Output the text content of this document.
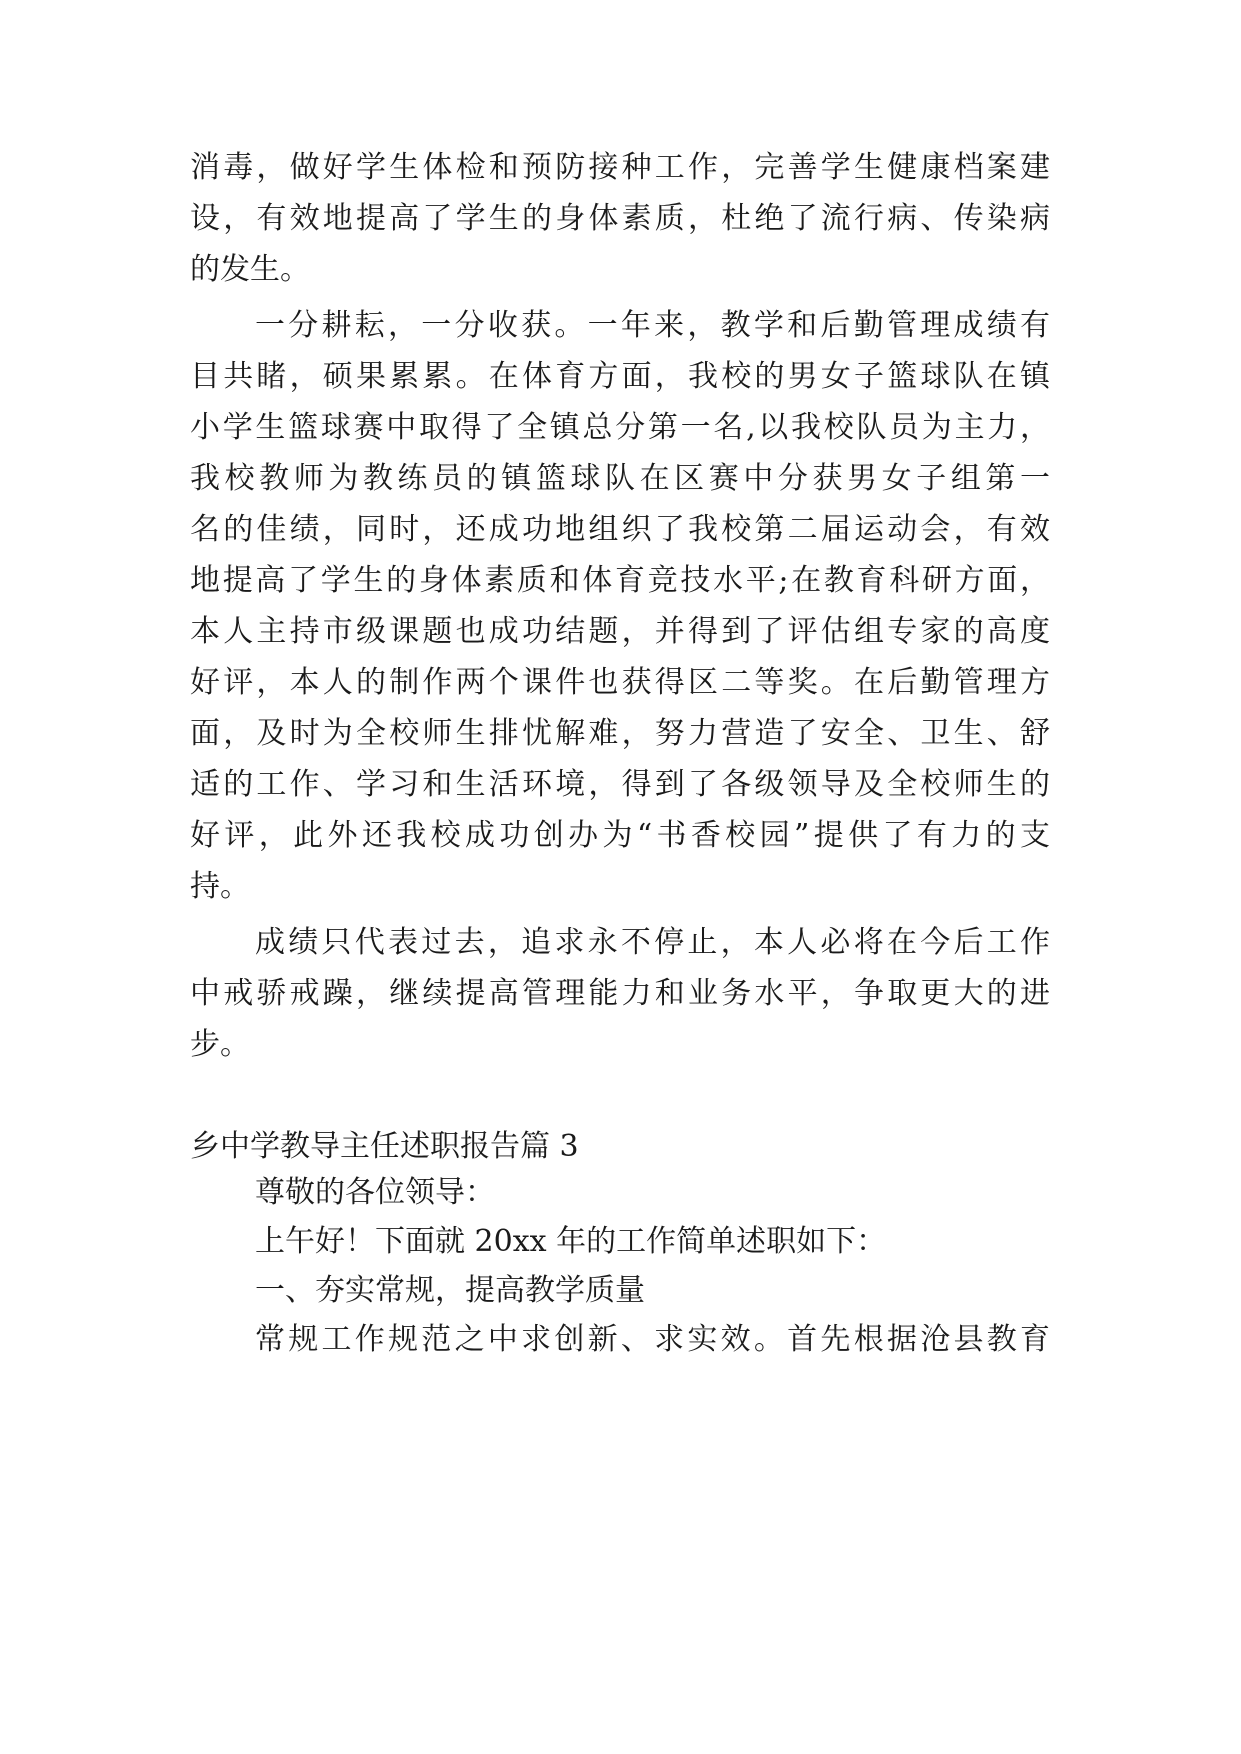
消毒，做好学生体检和预防接种工作，完善学生健康档案建
设，有效地提高了学生的身体素质，杜绝了流行病、传染病
的发生。
一分耕耘，一分收获。一年来，教学和后勤管理成绩有
目共睹，硕果累累。在体育方面，我校的男女子篮球队在镇
小学生篮球赛中取得了全镇总分第一名,以我校队员为主力，
我校教师为教练员的镇篮球队在区赛中分获男女子组第一
名的佳绩，同时，还成功地组织了我校第二届运动会，有效
地提高了学生的身体素质和体育竞技水平;在教育科研方面，
本人主持市级课题也成功结题，并得到了评估组专家的高度
好评，本人的制作两个课件也获得区二等奖。在后勤管理方
面，及时为全校师生排忧解难，努力营造了安全、卫生、舒
适的工作、学习和生活环境，得到了各级领导及全校师生的
好评，此外还我校成功创办为“书香校园”提供了有力的支
持。
成绩只代表过去，追求永不停止，本人必将在今后工作
中戒骄戒躁，继续提高管理能力和业务水平，争取更大的进
步。
乡中学教导主任述职报告篇 3
尊敬的各位领导：
上午好！下面就 20xx 年的工作简单述职如下：
一、夯实常规，提高教学质量
常规工作规范之中求创新、求实效。首先根据沧县教育
